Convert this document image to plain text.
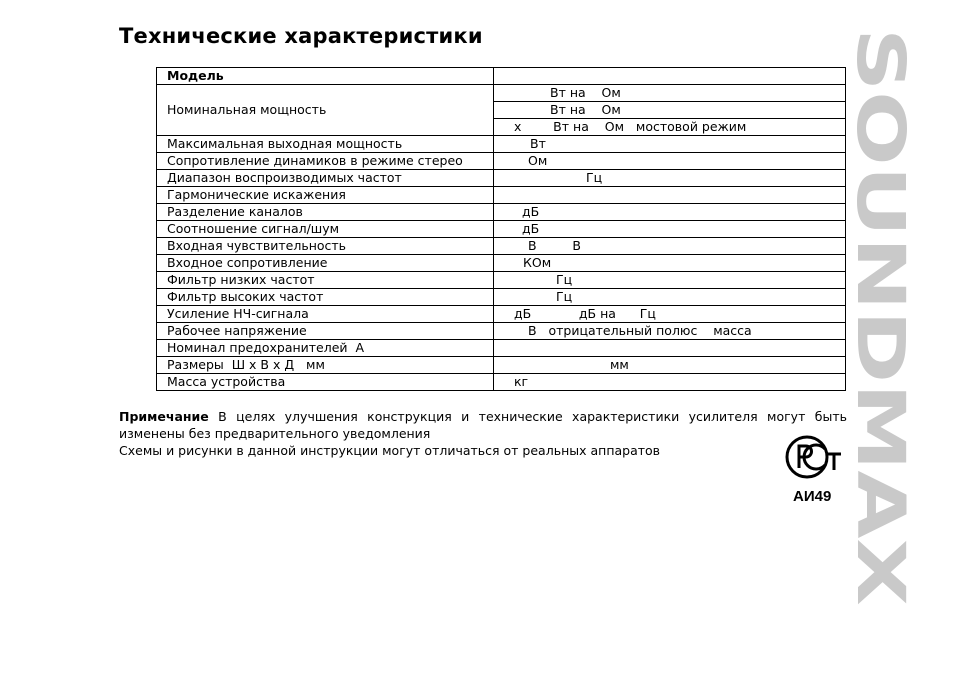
Технические характеристики
Модель	
Номинальная мощность	Вт на    Ом
	Вт на    Ом
	х        Вт на    Ом   мостовой режим
Максимальная выходная мощность	Вт
Сопротивление динамиков в режиме стерео	Ом
Диапазон воспроизводимых частот	Гц
Гармонические искажения	
Разделение каналов	дБ
Соотношение сигнал/шум	дБ
Входная чувствительность	В         В
Входное сопротивление	КОм
Фильтр низких частот	Гц
Фильтр высоких частот	Гц
Усиление НЧ-сигнала	дБ            дБ на      Гц
Рабочее напряжение	В   отрицательный полюс    масса
Номинал предохранителей  А	
Размеры  Ш х В х Д   мм	мм
Масса устройства	кг

Примечание В целях улучшения конструкция и технические характеристики усилителя могут быть изменены без предварительного уведомления

Схемы и рисунки в данной инструкции могут отличаться от реальных аппаратов	SOUNDMAX
АИ49
